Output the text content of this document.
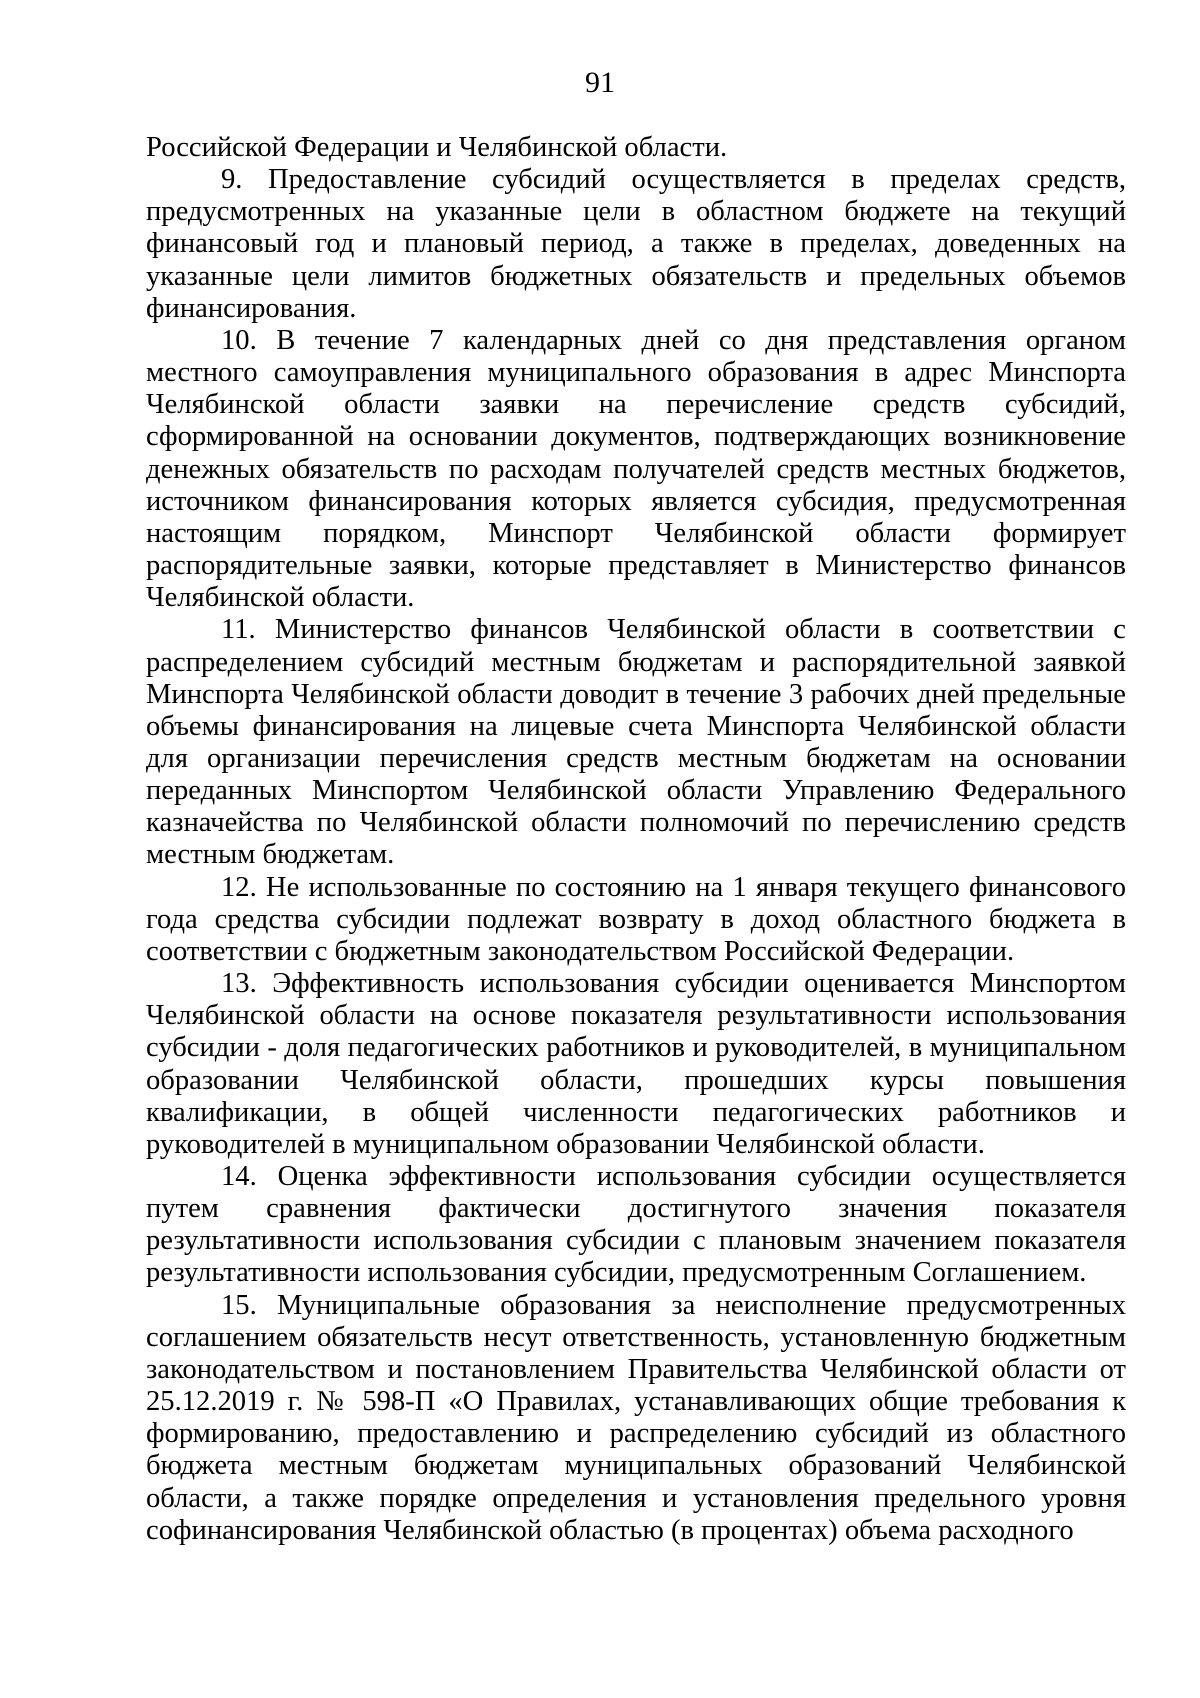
91

Российской Федерации и Челябинской области.

9. Предоставление субсидий осуществляется в пределах средств, предусмотренных на указанные цели в областном бюджете на текущий финансовый год и плановый период, а также в пределах, доведенных на указанные цели лимитов бюджетных обязательств и предельных объемов финансирования.

10. В течение 7 календарных дней со дня представления органом местного самоуправления муниципального образования в адрес Минспорта Челябинской области заявки на перечисление средств субсидий, сформированной на основании документов, подтверждающих возникновение денежных обязательств по расходам получателей средств местных бюджетов, источником финансирования которых является субсидия, предусмотренная настоящим порядком, Минспорт Челябинской области формирует распорядительные заявки, которые представляет в Министерство финансов Челябинской области.

11. Министерство финансов Челябинской области в соответствии с распределением субсидий местным бюджетам и распорядительной заявкой Минспорта Челябинской области доводит в течение 3 рабочих дней предельные объемы финансирования на лицевые счета Минспорта Челябинской области для организации перечисления средств местным бюджетам на основании переданных Минспортом Челябинской области Управлению Федерального казначейства по Челябинской области полномочий по перечислению средств местным бюджетам.

12. Не использованные по состоянию на 1 января текущего финансового года средства субсидии подлежат возврату в доход областного бюджета в соответствии с бюджетным законодательством Российской Федерации.

13. Эффективность использования субсидии оценивается Минспортом Челябинской области на основе показателя результативности использования субсидии - доля педагогических работников и руководителей, в муниципальном образовании Челябинской области, прошедших курсы повышения квалификации, в общей численности педагогических работников и руководителей в муниципальном образовании Челябинской области.

14. Оценка эффективности использования субсидии осуществляется путем сравнения фактически достигнутого значения показателя результативности использования субсидии с плановым значением показателя результативности использования субсидии, предусмотренным Соглашением.

15. Муниципальные образования за неисполнение предусмотренных соглашением обязательств несут ответственность, установленную бюджетным законодательством и постановлением Правительства Челябинской области от 25.12.2019 г. № 598-П «О Правилах, устанавливающих общие требования к формированию, предоставлению и распределению субсидий из областного бюджета местным бюджетам муниципальных образований Челябинской области, а также порядке определения и установления предельного уровня софинансирования Челябинской областью (в процентах) объема расходного
